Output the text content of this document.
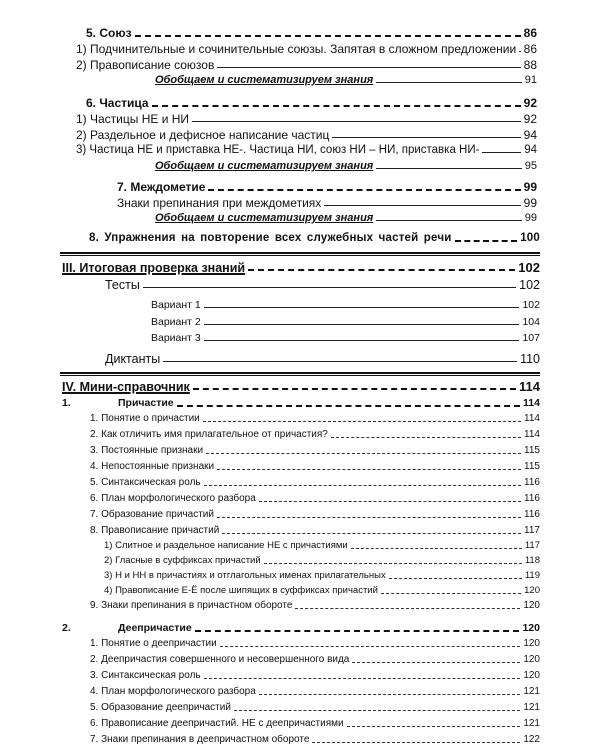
5. Союз	86
1) Подчинительные и сочинительные союзы. Запятая в сложном предложении 86
2) Правописание союзов	88
Обобщаем и систематизируем знания	91
6. Частица	92
1) Частицы НЕ и НИ	92
2) Раздельное и дефисное написание частиц	94
3) Частица НЕ и приставка НЕ-. Частица НИ, союз НИ – НИ, приставка НИ-	94
Обобщаем и систематизируем знания	95
7. Междометие	99
Знаки препинания при междометиях	99
Обобщаем и систематизируем знания	99
8. Упражнения на повторение всех служебных частей речи	100
III. Итоговая проверка знаний	102
Тесты	102
Вариант 1	102
Вариант 2	104
Вариант 3	107
Диктанты	110
IV. Мини-справочник	114
1.	Причастие	114
1. Понятие о причастии	114
2. Как отличить имя прилагательное от причастия?	114
3. Постоянные признаки	115
4. Непостоянные признаки	115
5. Синтаксическая роль	116
6. План морфологического разбора	116
7. Образование причастий	116
8. Правописание причастий	117
1) Слитное и раздельное написание НЕ с причастиями	117
2) Гласные в суффиксах причастий	118
3) Н и НН в причастиях и отглагольных именах прилагательных	119
4) Правописание Е-Ё после шипящих в суффиксах причастий	120
9. Знаки препинания в причастном обороте	120
2.	Деепричастие	120
1. Понятие о деепричастии	120
2. Деепричастия совершенного и несовершенного вида	120
3. Синтаксическая роль	120
4. План морфологического разбора	121
5. Образование деепричастий	121
6. Правописание деепричастий. НЕ с деепричастиями	121
7. Знаки препинания в деепричастном обороте	122
